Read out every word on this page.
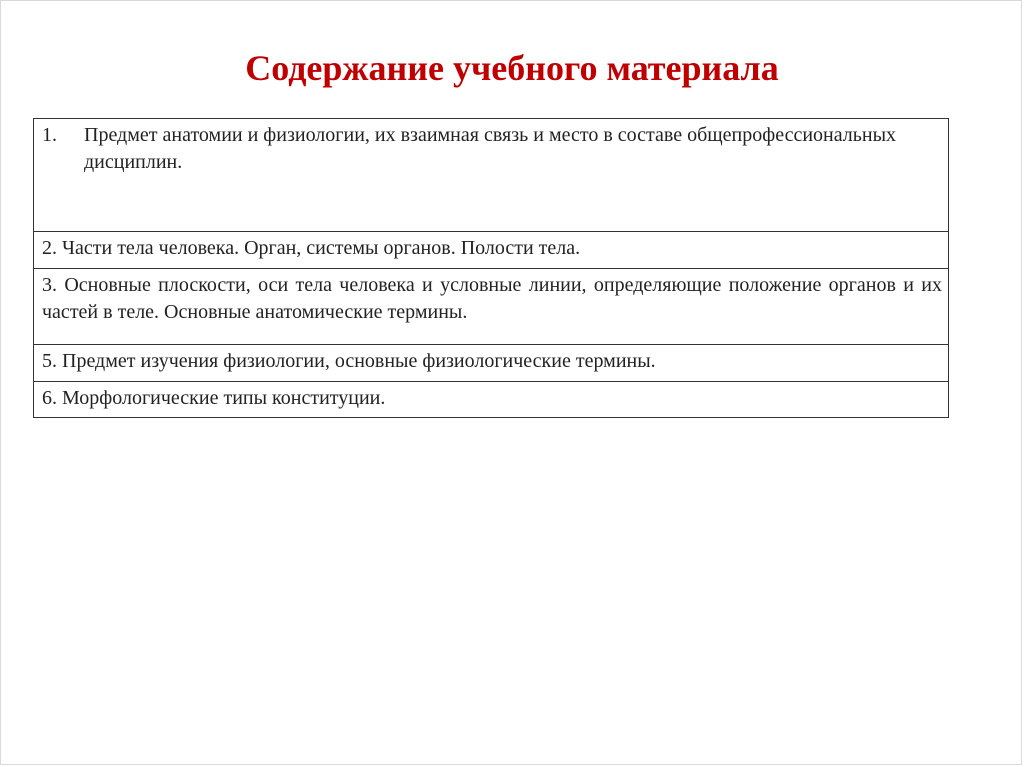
Содержание учебного материала
1.	Предмет анатомии и физиологии, их взаимная связь и место в составе общепрофессиональных дисциплин.

2. Части тела человека. Орган, системы органов. Полости тела.
3. Основные плоскости, оси тела человека и условные линии, определяющие положение органов и их частей в теле. Основные анатомические термины.
5. Предмет изучения физиологии, основные физиологические термины.
6. Морфологические типы конституции.
